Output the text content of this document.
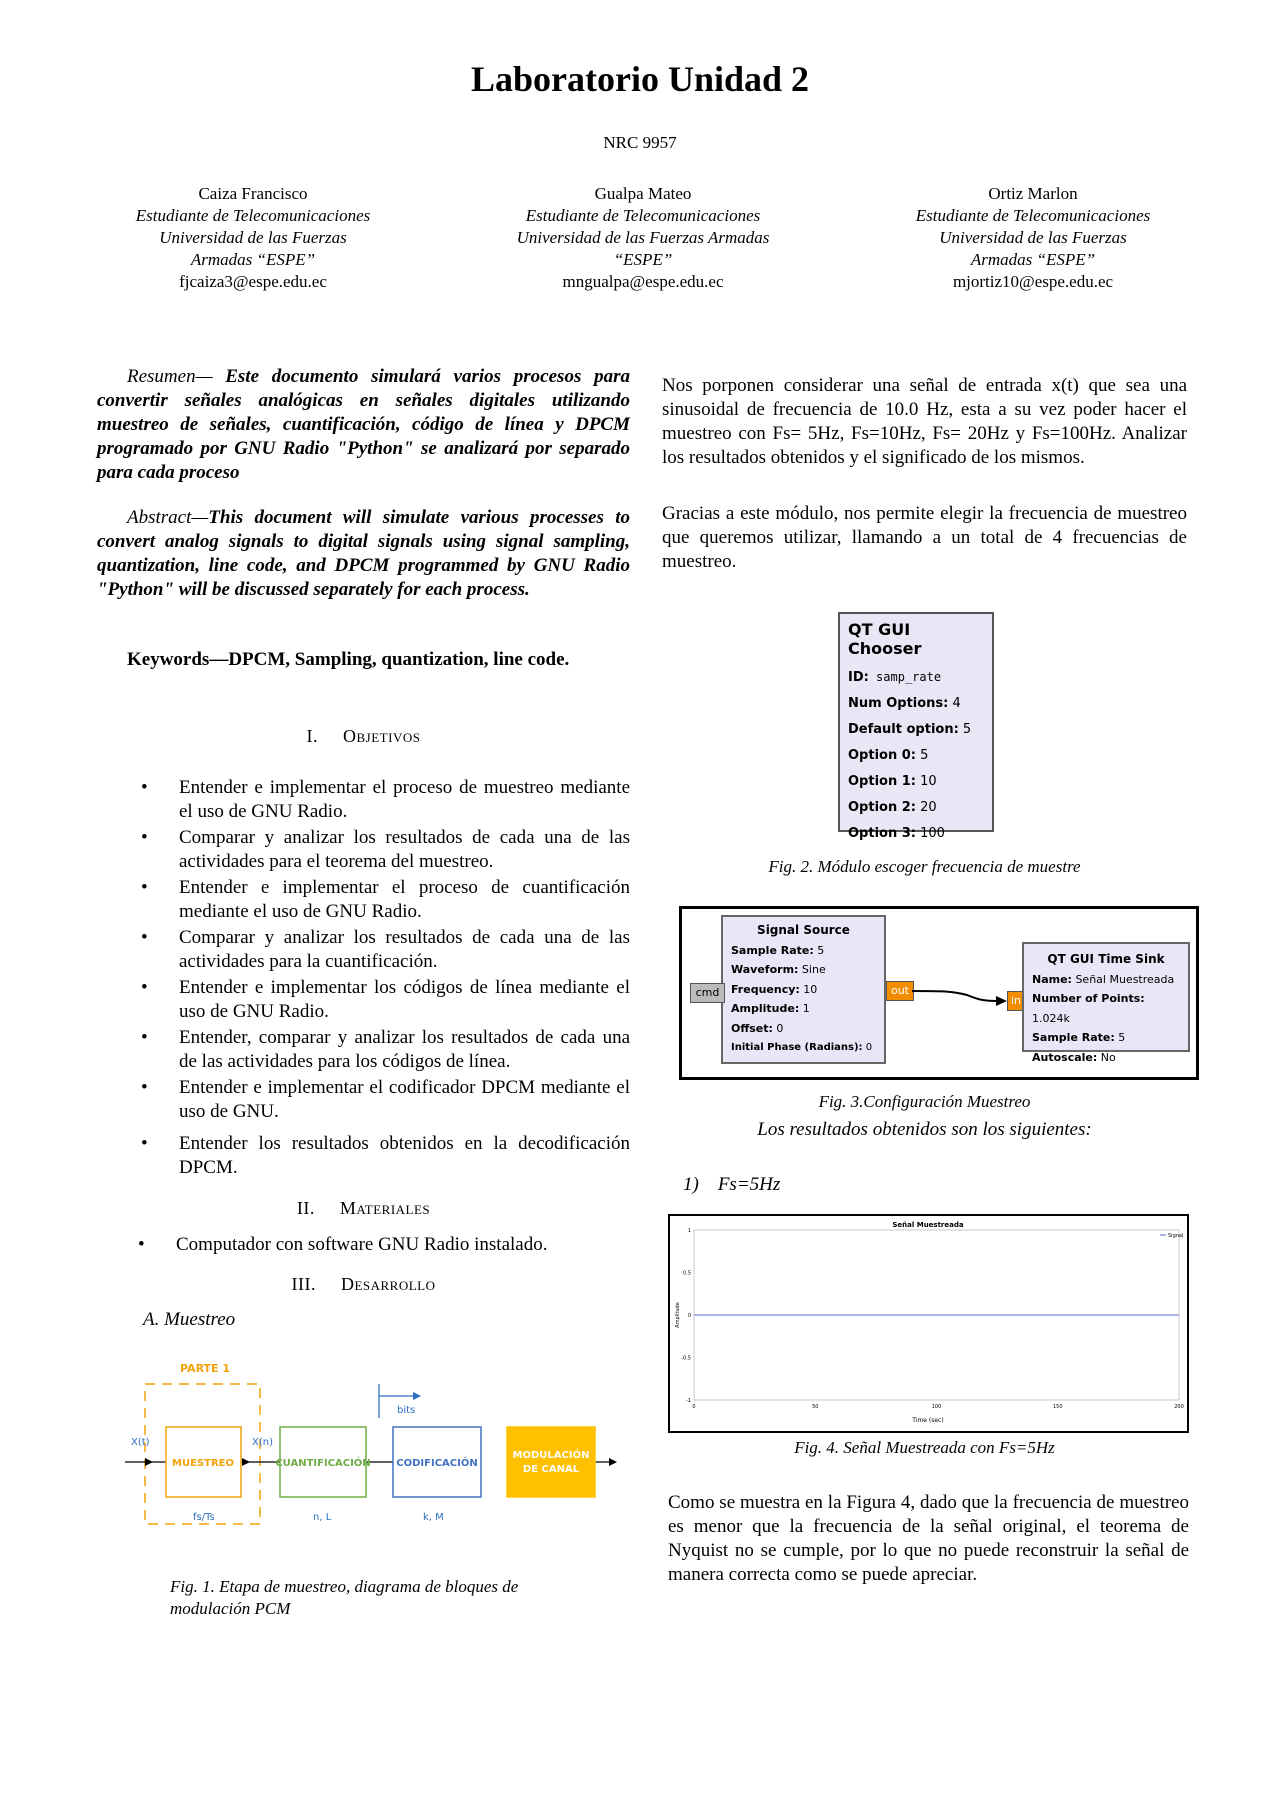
Laboratorio Unidad 2
NRC 9957
Caiza Francisco
Estudiante de Telecomunicaciones
Universidad de las Fuerzas
Armadas “ESPE”
fjcaiza3@espe.edu.ec
Gualpa Mateo
Estudiante de Telecomunicaciones
Universidad de las Fuerzas Armadas
“ESPE”
mngualpa@espe.edu.ec
Ortiz Marlon
Estudiante de Telecomunicaciones
Universidad de las Fuerzas
Armadas “ESPE”
mjortiz10@espe.edu.ec
Resumen— Este documento simulará varios procesos para convertir señales analógicas en señales digitales utilizando muestreo de señales, cuantificación, código de línea y DPCM programado por GNU Radio "Python" se analizará por separado para cada proceso
Abstract—This document will simulate various processes to convert analog signals to digital signals using signal sampling, quantization, line code, and DPCM programmed by GNU Radio "Python" will be discussed separately for each process.
Keywords—DPCM, Sampling, quantization, line code.
I. Objetivos
• Entender e implementar el proceso de muestreo mediante el uso de GNU Radio.
• Comparar y analizar los resultados de cada una de las actividades para el teorema del muestreo.
• Entender e implementar el proceso de cuantificación mediante el uso de GNU Radio.
• Comparar y analizar los resultados de cada una de las actividades para la cuantificación.
• Entender e implementar los códigos de línea mediante el uso de GNU Radio.
• Entender, comparar y analizar los resultados de cada una de las actividades para los códigos de línea.
• Entender e implementar el codificador DPCM mediante el uso de GNU.
• Entender los resultados obtenidos en la decodificación DPCM.
II. Materiales
• Computador con software GNU Radio instalado.
III. Desarrollo
A. Muestreo
PARTE 1
X(t)	X(n)
MUESTREO	CUANTIFICACIÓN	CODIFICACIÓN
MODULACIÓN
DE CANAL
bits
fs/Ts	n, L	k, M
Fig. 1. Etapa de muestreo, diagrama de bloques de modulación PCM
Nos porponen considerar una señal de entrada x(t) que sea una sinusoidal de frecuencia de 10.0 Hz, esta a su vez poder hacer el muestreo con Fs= 5Hz, Fs=10Hz, Fs= 20Hz y Fs=100Hz. Analizar los resultados obtenidos y el significado de los mismos.
Gracias a este módulo, nos permite elegir la frecuencia de muestreo que queremos utilizar, llamando a un total de 4 frecuencias de muestreo.
QT GUI Chooser
ID: samp_rate
Num Options: 4
Default option: 5
Option 0: 5
Option 1: 10
Option 2: 20
Option 3: 100
Fig. 2. Módulo escoger frecuencia de muestre
Signal Source
Sample Rate: 5
Waveform: Sine
Frequency: 10
Amplitude: 1
Offset: 0
Initial Phase (Radians): 0
cmd	out
in
QT GUI Time Sink
Name: Señal Muestreada
Number of Points: 1.024k
Sample Rate: 5
Autoscale: No
Fig. 3.Configuración Muestreo
Los resultados obtenidos son los siguientes:
1)    Fs=5Hz
Señal Muestreada
1
0.5
0
-0.5
-1
0	50	100	150	200
Time (sec)
Amplitude
Signal
Fig. 4. Señal Muestreada con Fs=5Hz
Como se muestra en la Figura 4, dado que la frecuencia de muestreo es menor que la frecuencia de la señal original, el teorema de Nyquist no se cumple, por lo que no puede reconstruir la señal de manera correcta como se puede apreciar.
